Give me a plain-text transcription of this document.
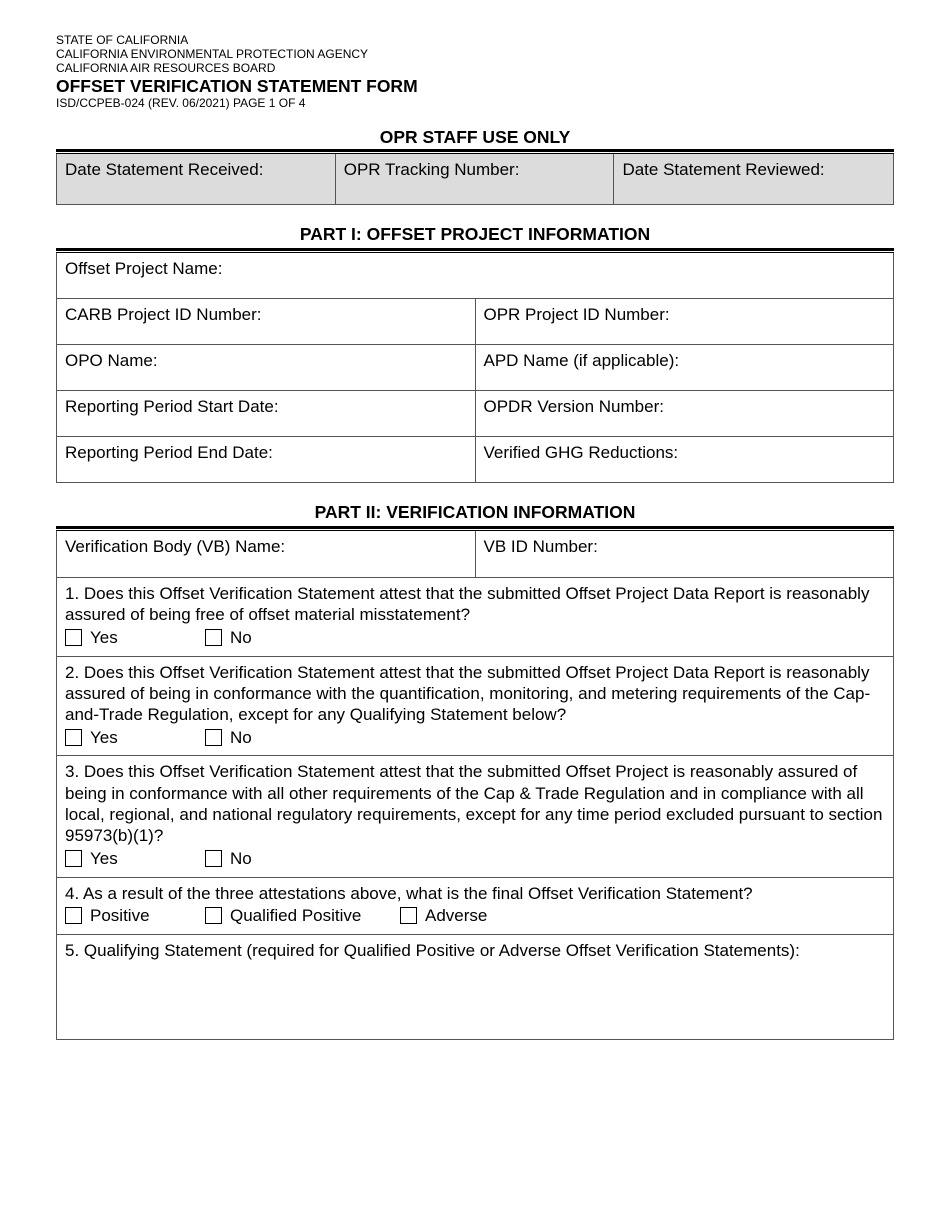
STATE OF CALIFORNIA
CALIFORNIA ENVIRONMENTAL PROTECTION AGENCY
CALIFORNIA AIR RESOURCES BOARD
OFFSET VERIFICATION STATEMENT FORM
ISD/CCPEB-024 (REV. 06/2021) PAGE 1 OF 4
OPR STAFF USE ONLY
Date Statement Received:	OPR Tracking Number:	Date Statement Reviewed:
PART I: OFFSET PROJECT INFORMATION
Offset Project Name:	
CARB Project ID Number:	OPR Project ID Number:
OPO Name:	APD Name (if applicable):
Reporting Period Start Date:	OPDR Version Number:
Reporting Period End Date:	Verified GHG Reductions:
PART II: VERIFICATION INFORMATION
Verification Body (VB) Name:	VB ID Number:

1. Does this Offset Verification Statement attest that the submitted Offset Project Data Report is reasonably assured of being free of offset material misstatement?
Yes	No

2. Does this Offset Verification Statement attest that the submitted Offset Project Data Report is reasonably assured of being in conformance with the quantification, monitoring, and metering requirements of the Cap-and-Trade Regulation, except for any Qualifying Statement below?
Yes	No

3. Does this Offset Verification Statement attest that the submitted Offset Project is reasonably assured of being in conformance with all other requirements of the Cap & Trade Regulation and in compliance with all local, regional, and national regulatory requirements, except for any time period excluded pursuant to section 95973(b)(1)?
Yes	No

4. As a result of the three attestations above, what is the final Offset Verification Statement?
Positive	Qualified Positive	Adverse

5. Qualifying Statement (required for Qualified Positive or Adverse Offset Verification Statements):
